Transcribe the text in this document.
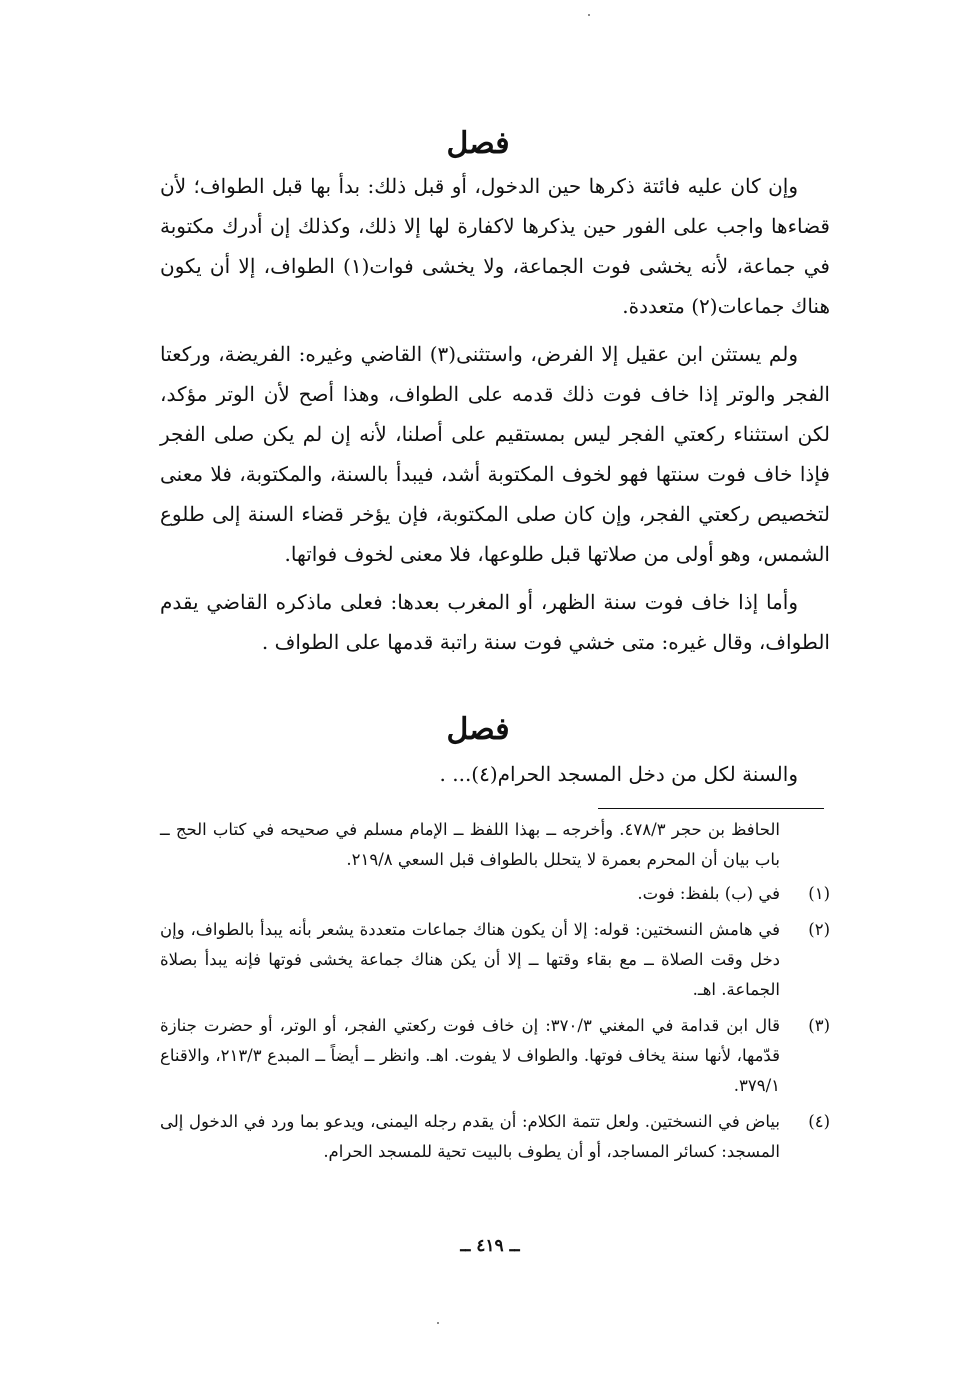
فصل

وإن كان عليه فائتة ذكرها حين الدخول، أو قبل ذلك: بدأ بها قبل الطواف؛ لأن قضاءها واجب على الفور حين يذكرها لاكفارة لها إلا ذلك، وكذلك إن أدرك مكتوبة في جماعة، لأنه يخشى فوت الجماعة، ولا يخشى فوات(١) الطواف، إلا أن يكون هناك جماعات(٢) متعددة.

ولم يستثن ابن عقيل إلا الفرض، واستثنى(٣) القاضي وغيره: الفريضة، وركعتا الفجر والوتر إذا خاف فوت ذلك قدمه على الطواف، وهذا أصح لأن الوتر مؤكد، لكن استثناء ركعتي الفجر ليس بمستقيم على أصلنا، لأنه إن لم يكن صلى الفجر فإذا خاف فوت سنتها فهو لخوف المكتوبة أشد، فيبدأ بالسنة، والمكتوبة، فلا معنى لتخصيص ركعتي الفجر، وإن كان صلى المكتوبة، فإن يؤخر قضاء السنة إلى طلوع الشمس، وهو أولى من صلاتها قبل طلوعها، فلا معنى لخوف فواتها.

وأما إذا خاف فوت سنة الظهر، أو المغرب بعدها: فعلى ماذكره القاضي يقدم الطواف، وقال غيره: متى خشي فوت سنة راتبة قدمها على الطواف .

فصل

والسنة لكل من دخل المسجد الحرام(٤)... .

الحافظ بن حجر ٤٧٨/٣. وأخرجه ــ بهذا اللفظ ــ الإمام مسلم في صحيحه في كتاب الحج ــ باب بيان أن المحرم بعمرة لا يتحلل بالطواف قبل السعي ٢١٩/٨.
(١)
في (ب) بلفظ: فوت.
(٢)
في هامش النسختين: قوله: إلا أن يكون هناك جماعات متعددة يشعر بأنه يبدأ بالطواف، وإن دخل وقت الصلاة ــ مع بقاء وقتها ــ إلا أن يكن هناك جماعة يخشى فوتها فإنه يبدأ بصلاة الجماعة. اهـ.
(٣)
قال ابن قدامة في المغني ٣٧٠/٣: إن خاف فوت ركعتي الفجر، أو الوتر، أو حضرت جنازة قدّمها، لأنها سنة يخاف فوتها. والطواف لا يفوت. اهـ. وانظر ــ أيضاً ــ المبدع ٢١٣/٣، والاقناع ٣٧٩/١.
(٤)
بياض في النسختين. ولعل تتمة الكلام: أن يقدم رجله اليمنى، ويدعو بما ورد في الدخول إلى المسجد: كسائر المساجد، أو أن يطوف بالبيت تحية للمسجد الحرام.
ــ ٤١٩ ــ
